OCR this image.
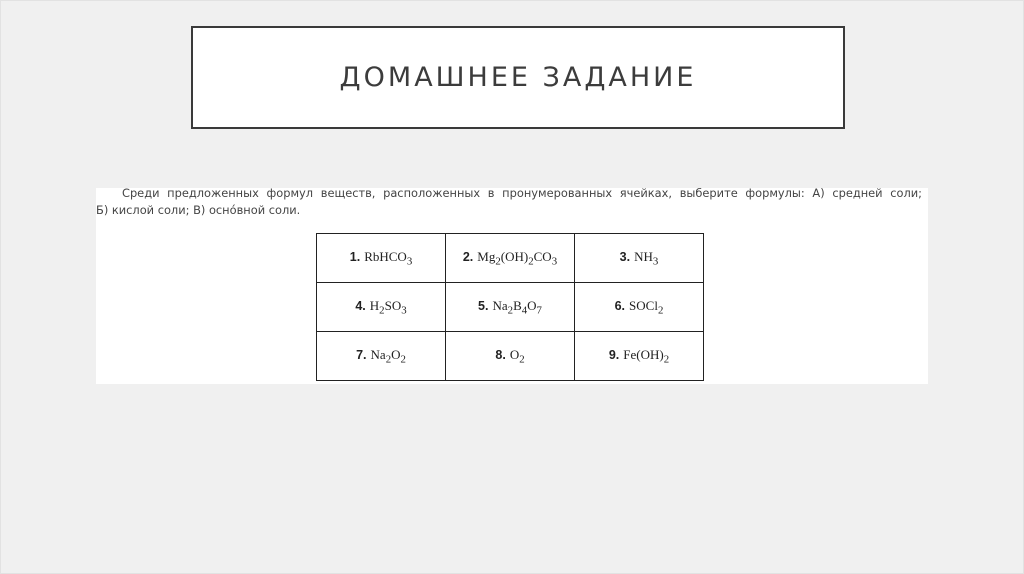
ДОМАШНЕЕ ЗАДАНИЕ
Среди предложенных формул веществ, расположенных в пронумерованных ячейках, выберите формулы: А) средней соли;
Б) кислой соли; В) оснóвной соли.
1. RbHCO$_3$	2. $Mg_2(OH)_2CO_3$	3. $NH_3$
4. $H_2SO_3$	5. $Na_2B_4O_7$	6. SOCl$_2$
7. $Na_2O_2$	8. $O_2$	9. $Fe(OH)_2$
